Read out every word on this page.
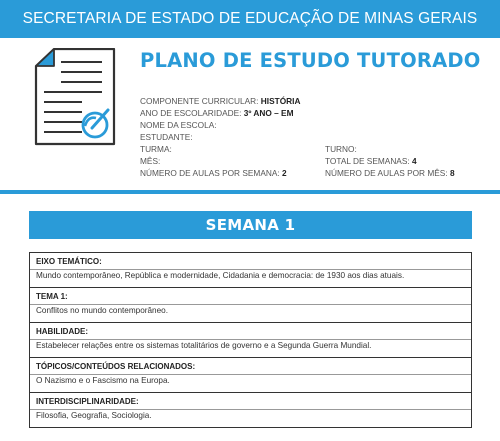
SECRETARIA DE ESTADO DE EDUCAÇÃO DE MINAS GERAIS
PLANO DE ESTUDO TUTORADO
COMPONENTE CURRICULAR: HISTÓRIA
ANO DE ESCOLARIDADE: 3º ANO – EM
NOME DA ESCOLA:
ESTUDANTE:
TURMA:	TURNO:
MÊS:	TOTAL DE SEMANAS: 4
NÚMERO DE AULAS POR SEMANA: 2	NÚMERO DE AULAS POR MÊS: 8
SEMANA 1
EIXO TEMÁTICO:
Mundo contemporâneo, República e modernidade, Cidadania e democracia: de 1930 aos dias atuais.
TEMA 1:
Conflitos no mundo contemporâneo.
HABILIDADE:
Estabelecer relações entre os sistemas totalitários de governo e a Segunda Guerra Mundial.
TÓPICOS/CONTEÚDOS RELACIONADOS:
O Nazismo e o Fascismo na Europa.
INTERDISCIPLINARIDADE:
Filosofia, Geografia, Sociologia.
